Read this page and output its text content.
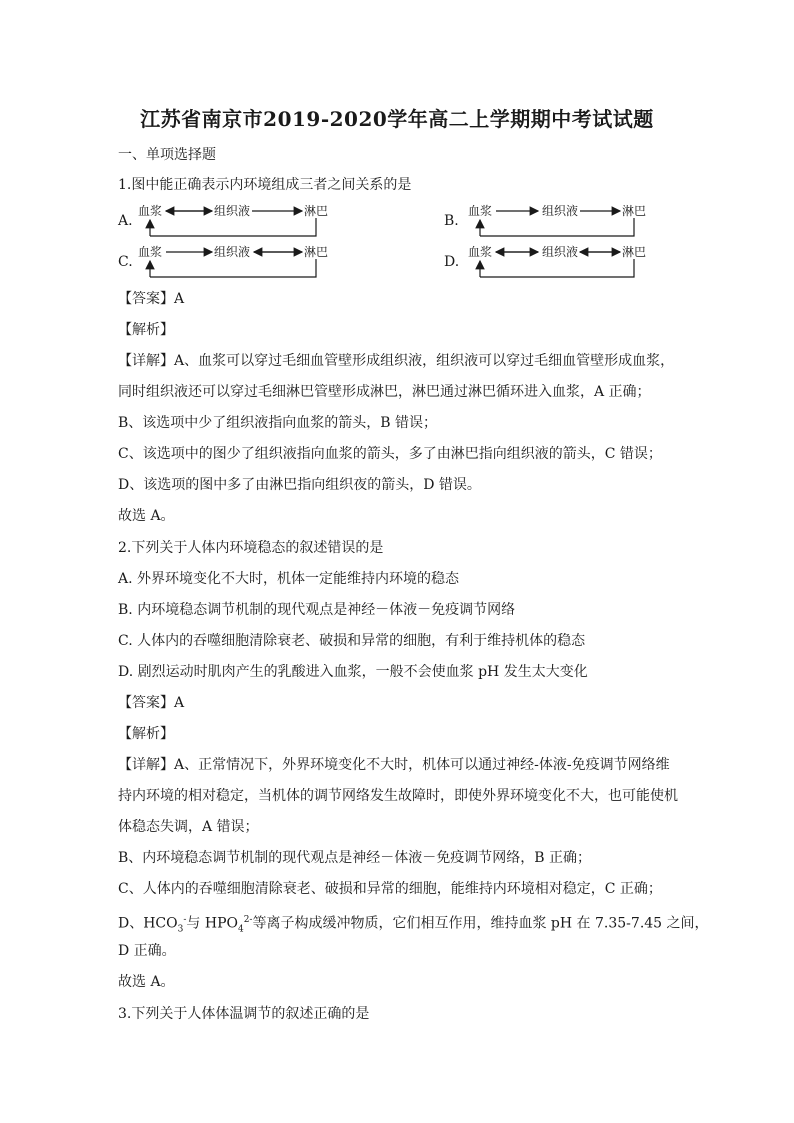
江苏省南京市2019-2020学年高二上学期期中考试试题
一、单项选择题
1.图中能正确表示内环境组成三者之间关系的是
A.
血浆	组织液	淋巴
B.
血浆	组织液	淋巴
C.
血浆	组织液	淋巴
D.
血浆	组织液	淋巴
【答案】A
【解析】
【详解】A、血浆可以穿过毛细血管壁形成组织液，组织液可以穿过毛细血管壁形成血浆，
同时组织液还可以穿过毛细淋巴管壁形成淋巴，淋巴通过淋巴循环进入血浆，A 正确；
B、该选项中少了组织液指向血浆的箭头，B 错误；
C、该选项中的图少了组织液指向血浆的箭头，多了由淋巴指向组织液的箭头，C 错误；
D、该选项的图中多了由淋巴指向组织夜的箭头，D 错误。
故选 A。
2.下列关于人体内环境稳态的叙述错误的是
A. 外界环境变化不大时，机体一定能维持内环境的稳态
B. 内环境稳态调节机制的现代观点是神经－体液－免疫调节网络
C. 人体内的吞噬细胞清除衰老、破损和异常的细胞，有利于维持机体的稳态
D. 剧烈运动时肌肉产生的乳酸进入血浆，一般不会使血浆 pH 发生太大变化
【答案】A
【解析】
【详解】A、正常情况下，外界环境变化不大时，机体可以通过神经-体液-免疫调节网络维
持内环境的相对稳定，当机体的调节网络发生故障时，即使外界环境变化不大，也可能使机
体稳态失调，A 错误；
B、内环境稳态调节机制的现代观点是神经－体液－免疫调节网络，B 正确；
C、人体内的吞噬细胞清除衰老、破损和异常的细胞，能维持内环境相对稳定，C 正确；
D、$HCO_3^-$与 $HPO_4^{2-}$等离子构成缓冲物质，它们相互作用，维持血浆 pH 在 7.35-7.45 之间，
D 正确。
故选 A。
3.下列关于人体体温调节的叙述正确的是
